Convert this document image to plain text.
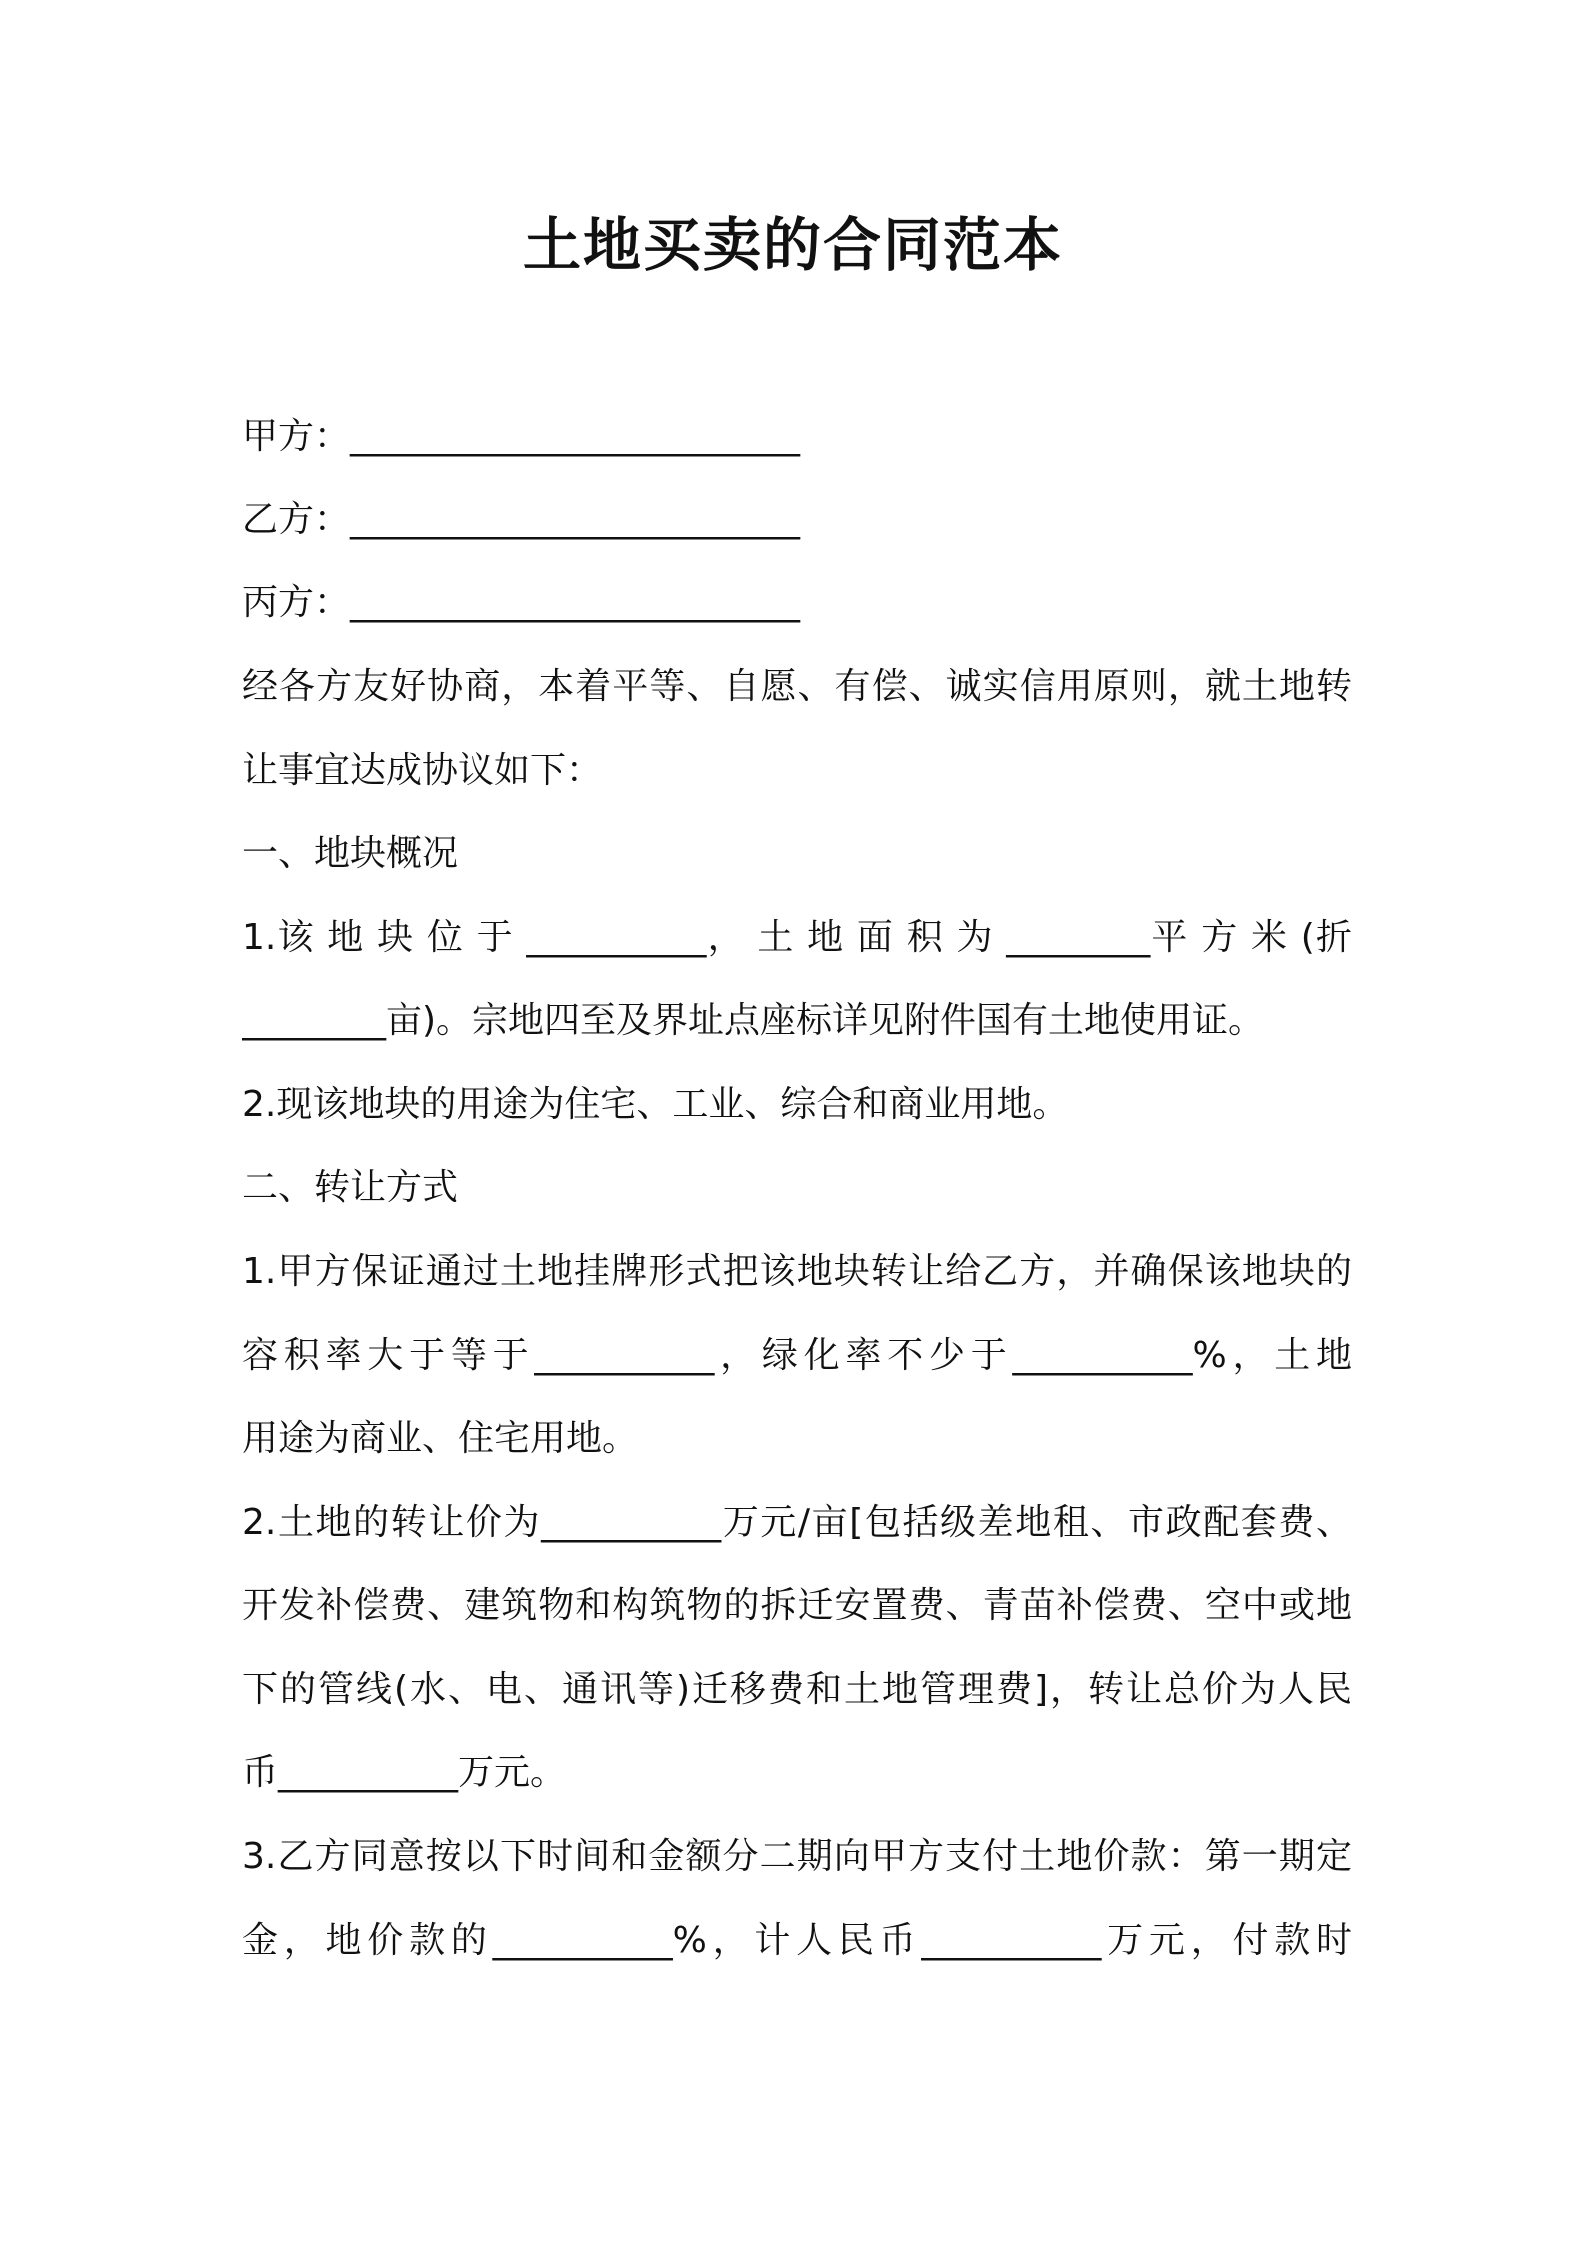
土地买卖的合同范本
甲方：_________________________
乙方：_________________________
丙方：_________________________
经各方友好协商，本着平等、自愿、有偿、诚实信用原则，就土地转
让事宜达成协议如下：
一、地块概况
1.该 地 块 位 于 __________， 土 地 面 积 为 ________平 方 米 (折
________亩)。宗地四至及界址点座标详见附件国有土地使用证。
2.现该地块的用途为住宅、工业、综合和商业用地。
二、转让方式
1.甲方保证通过土地挂牌形式把该地块转让给乙方，并确保该地块的
容积率大于等于__________，绿化率不少于__________%，土地
用途为商业、住宅用地。
2.土地的转让价为__________万元/亩[包括级差地租、市政配套费、
开发补偿费、建筑物和构筑物的拆迁安置费、青苗补偿费、空中或地
下的管线(水、电、通讯等)迁移费和土地管理费]，转让总价为人民
币__________万元。
3.乙方同意按以下时间和金额分二期向甲方支付土地价款：第一期定
金，地价款的__________%，计人民币__________万元，付款时
